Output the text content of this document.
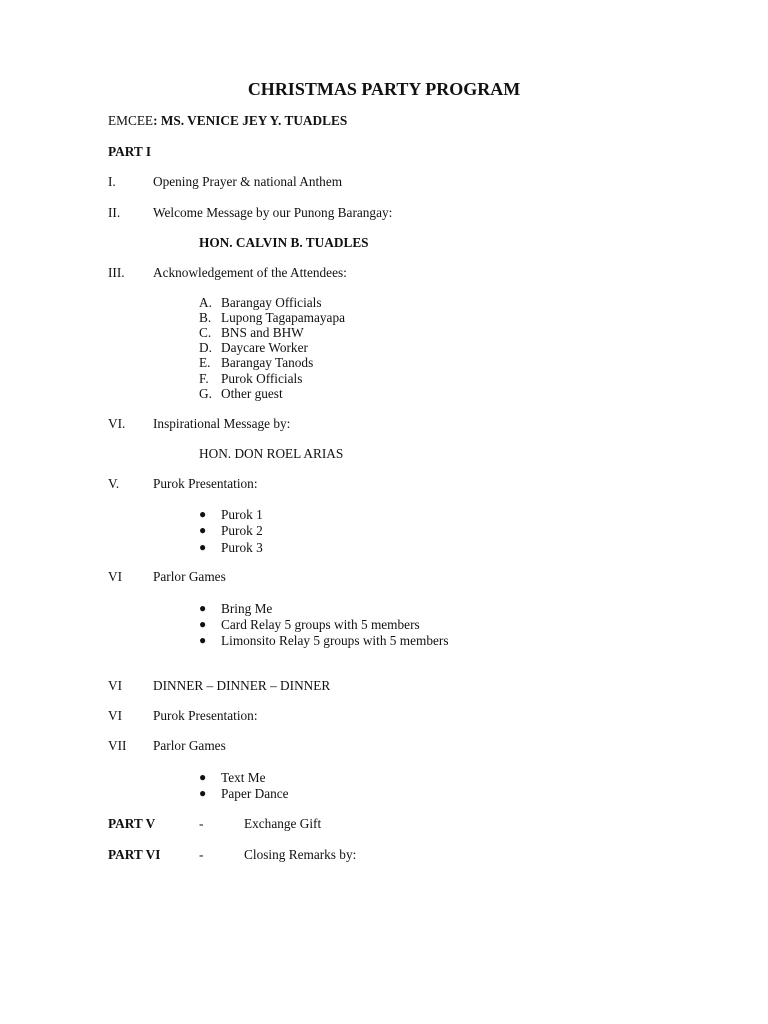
CHRISTMAS PARTY PROGRAM
EMCEE: MS. VENICE JEY Y. TUADLES
PART I
I.	Opening Prayer & national Anthem
II. Welcome Message by our Punong Barangay:
HON. CALVIN B. TUADLES
III. Acknowledgement of the Attendees:
A. Barangay Officials
B. Lupong Tagapamayapa
C. BNS and BHW
D. Daycare Worker
E. Barangay Tanods
F. Purok Officials
G. Other guest
VI. Inspirational Message by:
HON. DON ROEL ARIAS
V.	Purok Presentation:
● Purok 1
● Purok 2
● Purok 3
VI Parlor Games
● Bring Me
● Card Relay 5 groups with 5 members
● Limonsito Relay 5 groups with 5 members
VI DINNER – DINNER – DINNER
VI Purok Presentation:
VII Parlor Games
● Text Me
● Paper Dance
PART V	-	Exchange Gift
PART VI	-	Closing Remarks by:
